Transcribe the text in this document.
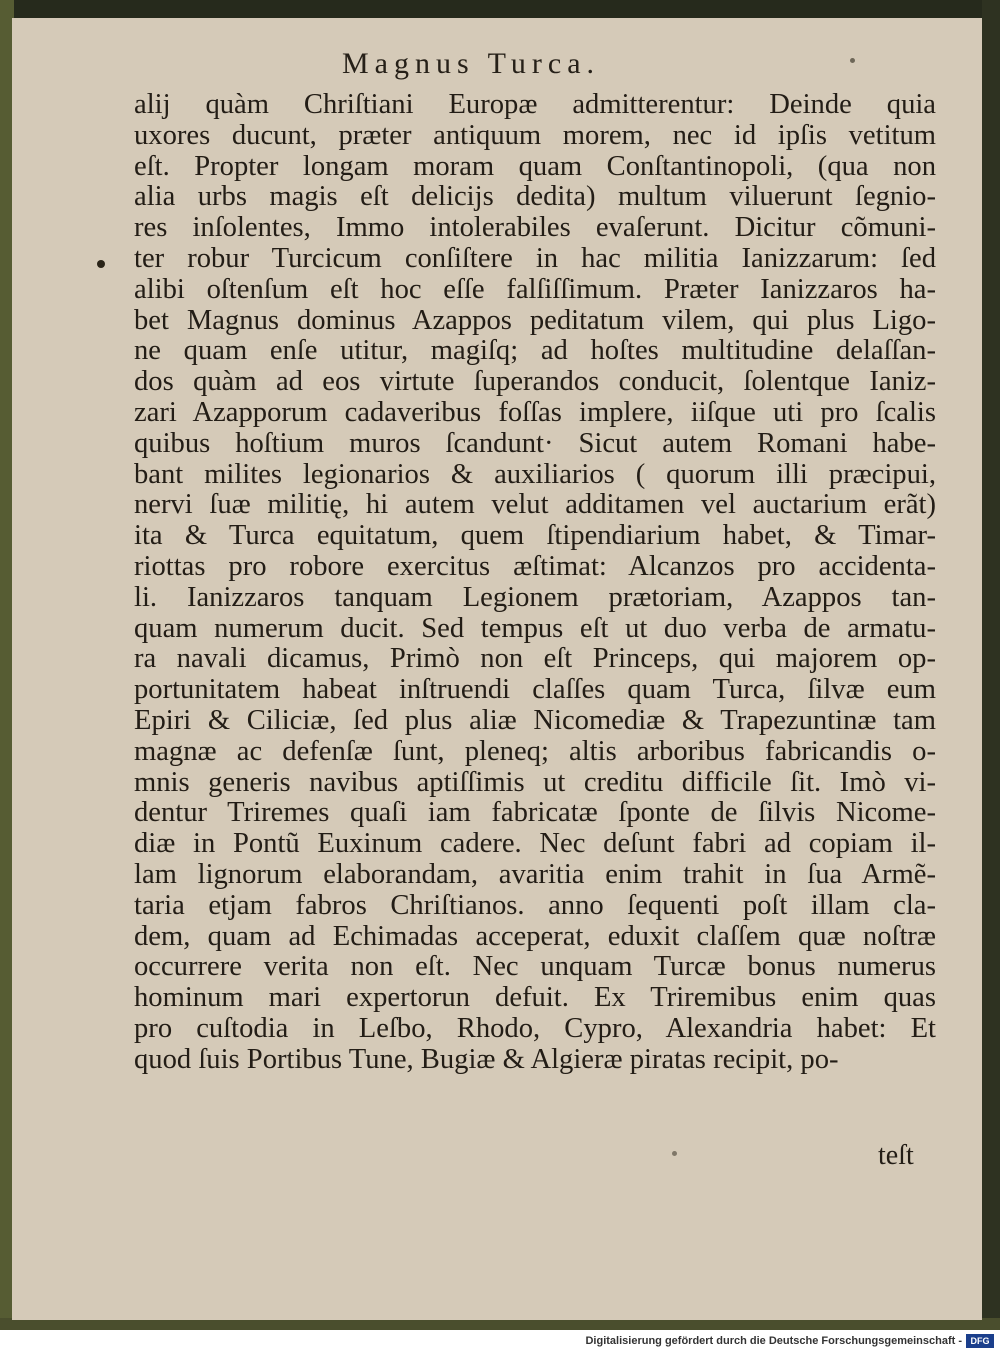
Magnus Turca.
alij quàm Chriſtiani Europæ admitterentur: Deinde quia
uxores ducunt, præter antiquum morem, nec id ipſis vetitum
eſt. Propter longam moram quam Conſtantinopoli, (qua non
alia urbs magis eſt delicijs dedita) multum viluerunt ſegnio-
res inſolentes, Immo intolerabiles evaſerunt. Dicitur cõmuni-
ter robur Turcicum conſiſtere in hac militia Ianizzarum: ſed
alibi oſtenſum eſt hoc eſſe falſiſſimum. Præter Ianizzaros ha-
bet Magnus dominus Azappos peditatum vilem, qui plus Ligo-
ne quam enſe utitur, magiſq; ad hoſtes multitudine delaſſan-
dos quàm ad eos virtute ſuperandos conducit, ſolentque Ianiz-
zari Azapporum cadaveribus foſſas implere, iiſque uti pro ſcalis
quibus hoſtium muros ſcandunt· Sicut autem Romani habe-
bant milites legionarios & auxiliarios ( quorum illi præcipui,
nervi ſuæ militię, hi autem velut additamen vel auctarium erãt)
ita & Turca equitatum, quem ſtipendiarium habet, & Timar-
riottas pro robore exercitus æſtimat: Alcanzos pro accidenta-
li. Ianizzaros tanquam Legionem prætoriam, Azappos tan-
quam numerum ducit. Sed tempus eſt ut duo verba de armatu-
ra navali dicamus, Primò non eſt Princeps, qui majorem op-
portunitatem habeat inſtruendi claſſes quam Turca, ſilvæ eum
Epiri & Ciliciæ, ſed plus aliæ Nicomediæ & Trapezuntinæ tam
magnæ ac defenſæ ſunt, pleneq; altis arboribus fabricandis o-
mnis generis navibus aptiſſimis ut creditu difficile ſit. Imò vi-
dentur Triremes quaſi iam fabricatæ ſponte de ſilvis Nicome-
diæ in Pontũ Euxinum cadere. Nec deſunt fabri ad copiam il-
lam lignorum elaborandam, avaritia enim trahit in ſua Armẽ-
taria etjam fabros Chriſtianos. anno ſequenti poſt illam cla-
dem, quam ad Echimadas acceperat, eduxit claſſem quæ noſtræ
occurrere verita non eſt. Nec unquam Turcæ bonus numerus
hominum mari expertorun defuit. Ex Triremibus enim quas
pro cuſtodia in Leſbo, Rhodo, Cypro, Alexandria habet: Et
quod ſuis Portibus Tune, Bugiæ & Algieræ piratas recipit, po-
teſt
Digitalisierung gefördert durch die Deutsche Forschungsgemeinschaft - DFG
